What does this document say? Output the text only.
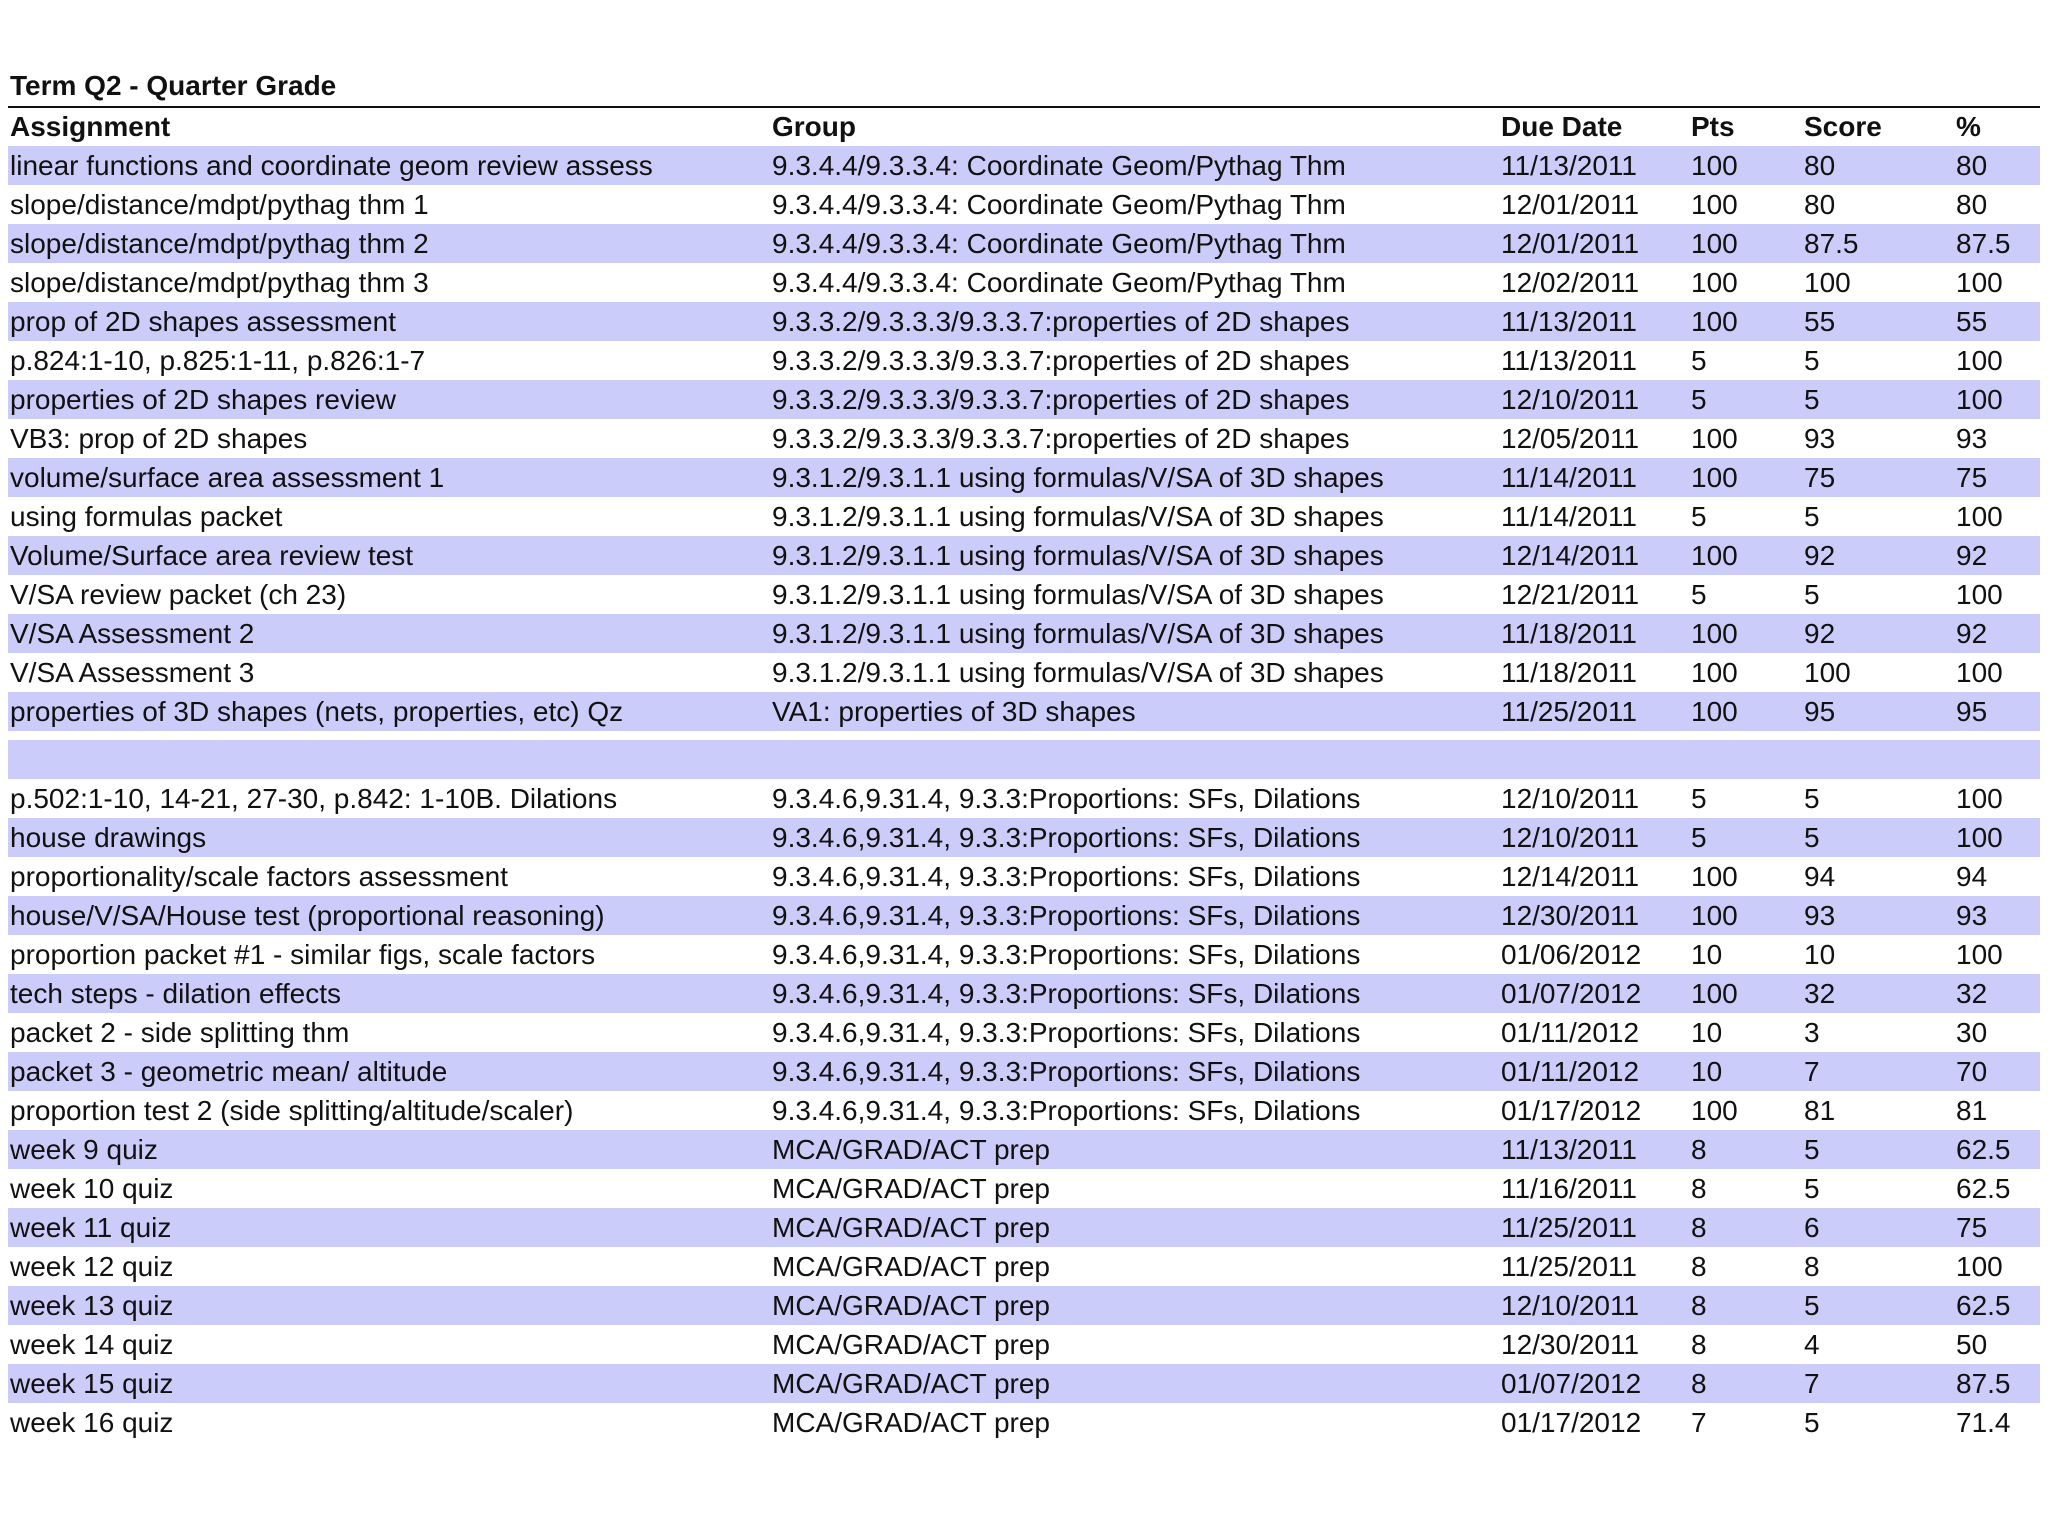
Term Q2 - Quarter Grade
Assignment	Group	Due Date	Pts	Score	%
linear functions and coordinate geom review assess	9.3.4.4/9.3.3.4: Coordinate Geom/Pythag Thm	11/13/2011	100	80	80
slope/distance/mdpt/pythag thm 1	9.3.4.4/9.3.3.4: Coordinate Geom/Pythag Thm	12/01/2011	100	80	80
slope/distance/mdpt/pythag thm 2	9.3.4.4/9.3.3.4: Coordinate Geom/Pythag Thm	12/01/2011	100	87.5	87.5
slope/distance/mdpt/pythag thm 3	9.3.4.4/9.3.3.4: Coordinate Geom/Pythag Thm	12/02/2011	100	100	100
prop of 2D shapes assessment	9.3.3.2/9.3.3.3/9.3.3.7:properties of 2D shapes	11/13/2011	100	55	55
p.824:1-10, p.825:1-11, p.826:1-7	9.3.3.2/9.3.3.3/9.3.3.7:properties of 2D shapes	11/13/2011	5	5	100
properties of 2D shapes review	9.3.3.2/9.3.3.3/9.3.3.7:properties of 2D shapes	12/10/2011	5	5	100
VB3: prop of 2D shapes	9.3.3.2/9.3.3.3/9.3.3.7:properties of 2D shapes	12/05/2011	100	93	93
volume/surface area assessment 1	9.3.1.2/9.3.1.1 using formulas/V/SA of 3D shapes	11/14/2011	100	75	75
using formulas packet	9.3.1.2/9.3.1.1 using formulas/V/SA of 3D shapes	11/14/2011	5	5	100
Volume/Surface area review test	9.3.1.2/9.3.1.1 using formulas/V/SA of 3D shapes	12/14/2011	100	92	92
V/SA review packet (ch 23)	9.3.1.2/9.3.1.1 using formulas/V/SA of 3D shapes	12/21/2011	5	5	100
V/SA Assessment 2	9.3.1.2/9.3.1.1 using formulas/V/SA of 3D shapes	11/18/2011	100	92	92
V/SA Assessment 3	9.3.1.2/9.3.1.1 using formulas/V/SA of 3D shapes	11/18/2011	100	100	100
properties of 3D shapes (nets, properties, etc) Qz	VA1: properties of 3D shapes	11/25/2011	100	95	95
p.502:1-10, 14-21, 27-30, p.842: 1-10B. Dilations	9.3.4.6,9.31.4, 9.3.3:Proportions: SFs, Dilations	12/10/2011	5	5	100
house drawings	9.3.4.6,9.31.4, 9.3.3:Proportions: SFs, Dilations	12/10/2011	5	5	100
proportionality/scale factors assessment	9.3.4.6,9.31.4, 9.3.3:Proportions: SFs, Dilations	12/14/2011	100	94	94
house/V/SA/House test (proportional reasoning)	9.3.4.6,9.31.4, 9.3.3:Proportions: SFs, Dilations	12/30/2011	100	93	93
proportion packet #1 - similar figs, scale factors	9.3.4.6,9.31.4, 9.3.3:Proportions: SFs, Dilations	01/06/2012	10	10	100
tech steps - dilation effects	9.3.4.6,9.31.4, 9.3.3:Proportions: SFs, Dilations	01/07/2012	100	32	32
packet 2 - side splitting thm	9.3.4.6,9.31.4, 9.3.3:Proportions: SFs, Dilations	01/11/2012	10	3	30
packet 3 - geometric mean/ altitude	9.3.4.6,9.31.4, 9.3.3:Proportions: SFs, Dilations	01/11/2012	10	7	70
proportion test 2 (side splitting/altitude/scaler)	9.3.4.6,9.31.4, 9.3.3:Proportions: SFs, Dilations	01/17/2012	100	81	81
week 9 quiz	MCA/GRAD/ACT prep	11/13/2011	8	5	62.5
week 10 quiz	MCA/GRAD/ACT prep	11/16/2011	8	5	62.5
week 11 quiz	MCA/GRAD/ACT prep	11/25/2011	8	6	75
week 12 quiz	MCA/GRAD/ACT prep	11/25/2011	8	8	100
week 13 quiz	MCA/GRAD/ACT prep	12/10/2011	8	5	62.5
week 14 quiz	MCA/GRAD/ACT prep	12/30/2011	8	4	50
week 15 quiz	MCA/GRAD/ACT prep	01/07/2012	8	7	87.5
week 16 quiz	MCA/GRAD/ACT prep	01/17/2012	7	5	71.4
